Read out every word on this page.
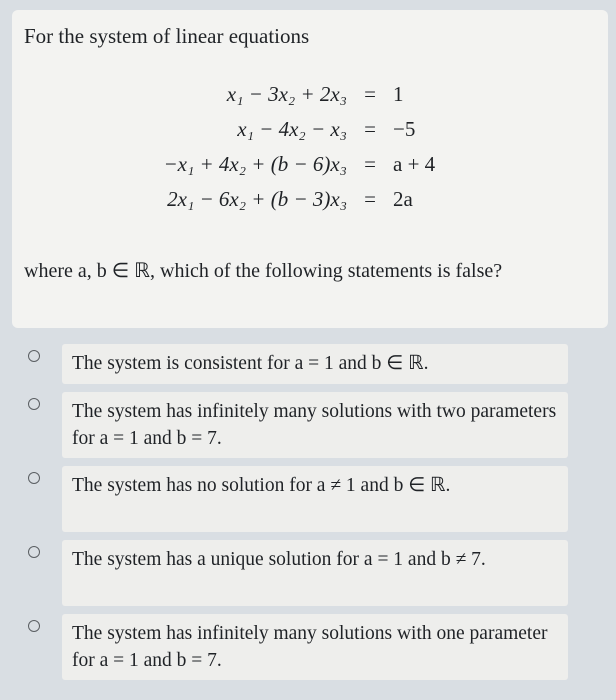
For the system of linear equations
x₁ − 3x₂ + 2x₃ = 1
x₁ − 4x₂ − x₃ = −5
−x₁ + 4x₂ + (b − 6)x₃ = a + 4
2x₁ − 6x₂ + (b − 3)x₃ = 2a
where a, b ∈ ℝ, which of the following statements is false?
The system is consistent for a = 1 and b ∈ ℝ.
The system has infinitely many solutions with two parameters for a = 1 and b = 7.
The system has no solution for a ≠ 1 and b ∈ ℝ.
The system has a unique solution for a = 1 and b ≠ 7.
The system has infinitely many solutions with one parameter for a = 1 and b = 7.
